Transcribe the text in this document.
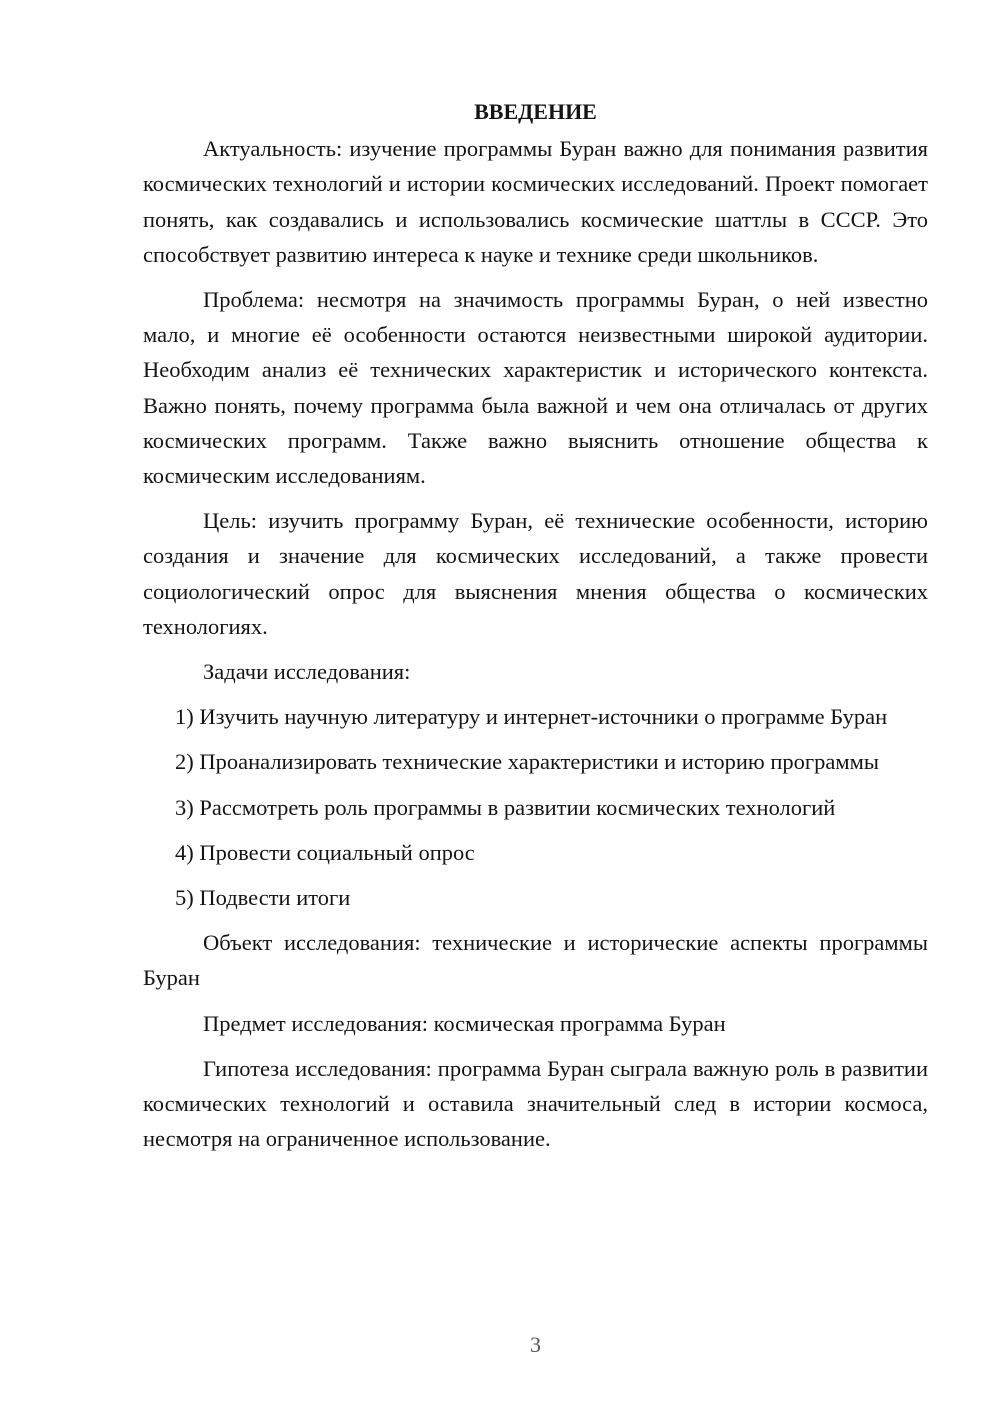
ВВЕДЕНИЕ

Актуальность: изучение программы Буран важно для понимания развития космических технологий и истории космических исследований. Проект помогает понять, как создавались и использовались космические шаттлы в СССР. Это способствует развитию интереса к науке и технике среди школьников.

Проблема: несмотря на значимость программы Буран, о ней известно мало, и многие её особенности остаются неизвестными широкой аудитории. Необходим анализ её технических характеристик и исторического контекста. Важно понять, почему программа была важной и чем она отличалась от других космических программ. Также важно выяснить отношение общества к космическим исследованиям.

Цель: изучить программу Буран, её технические особенности, историю создания и значение для космических исследований, а также провести социологический опрос для выяснения мнения общества о космических технологиях.

Задачи исследования:

1) Изучить научную литературу и интернет-источники о программе Буран

2) Проанализировать технические характеристики и историю программы

3) Рассмотреть роль программы в развитии космических технологий

4) Провести социальный опрос

5) Подвести итоги

Объект исследования: технические и исторические аспекты программы Буран

Предмет исследования: космическая программа Буран

Гипотеза исследования: программа Буран сыграла важную роль в развитии космических технологий и оставила значительный след в истории космоса, несмотря на ограниченное использование.

3
